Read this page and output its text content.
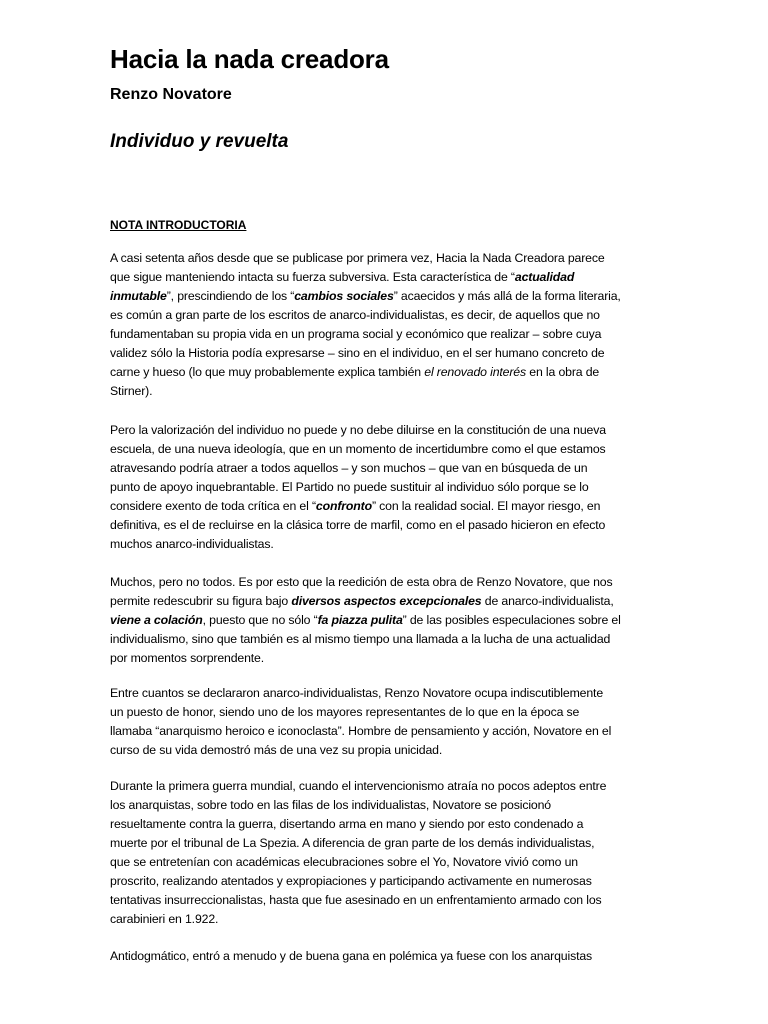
Hacia la nada creadora
Renzo Novatore
Individuo y revuelta
NOTA INTRODUCTORIA

A casi setenta años desde que se publicase por primera vez, Hacia la Nada Creadora parece
que sigue manteniendo intacta su fuerza subversiva. Esta característica de “actualidad
inmutable”, prescindiendo de los “cambios sociales” acaecidos y más allá de la forma literaria,
es común a gran parte de los escritos de anarco-individualistas, es decir, de aquellos que no
fundamentaban su propia vida en un programa social y económico que realizar – sobre cuya
validez sólo la Historia podía expresarse – sino en el individuo, en el ser humano concreto de
carne y hueso (lo que muy probablemente explica también el renovado interés en la obra de
Stirner).

Pero la valorización del individuo no puede y no debe diluirse en la constitución de una nueva
escuela, de una nueva ideología, que en un momento de incertidumbre como el que estamos
atravesando podría atraer a todos aquellos – y son muchos – que van en búsqueda de un
punto de apoyo inquebrantable. El Partido no puede sustituir al individuo sólo porque se lo
considere exento de toda crítica en el “confronto” con la realidad social. El mayor riesgo, en
definitiva, es el de recluirse en la clásica torre de marfil, como en el pasado hicieron en efecto
muchos anarco-individualistas.

Muchos, pero no todos. Es por esto que la reedición de esta obra de Renzo Novatore, que nos
permite redescubrir su figura bajo diversos aspectos excepcionales de anarco-individualista,
viene a colación, puesto que no sólo “fa piazza pulita” de las posibles especulaciones sobre el
individualismo, sino que también es al mismo tiempo una llamada a la lucha de una actualidad
por momentos sorprendente.

Entre cuantos se declararon anarco-individualistas, Renzo Novatore ocupa indiscutiblemente
un puesto de honor, siendo uno de los mayores representantes de lo que en la época se
llamaba “anarquismo heroico e iconoclasta”. Hombre de pensamiento y acción, Novatore en el
curso de su vida demostró más de una vez su propia unicidad.

Durante la primera guerra mundial, cuando el intervencionismo atraía no pocos adeptos entre
los anarquistas, sobre todo en las filas de los individualistas, Novatore se posicionó
resueltamente contra la guerra, disertando arma en mano y siendo por esto condenado a
muerte por el tribunal de La Spezia. A diferencia de gran parte de los demás individualistas,
que se entretenían con académicas elecubraciones sobre el Yo, Novatore vivió como un
proscrito, realizando atentados y expropiaciones y participando activamente en numerosas
tentativas insurreccionalistas, hasta que fue asesinado en un enfrentamiento armado con los
carabinieri en 1.922.

Antidogmático, entró a menudo y de buena gana en polémica ya fuese con los anarquistas
